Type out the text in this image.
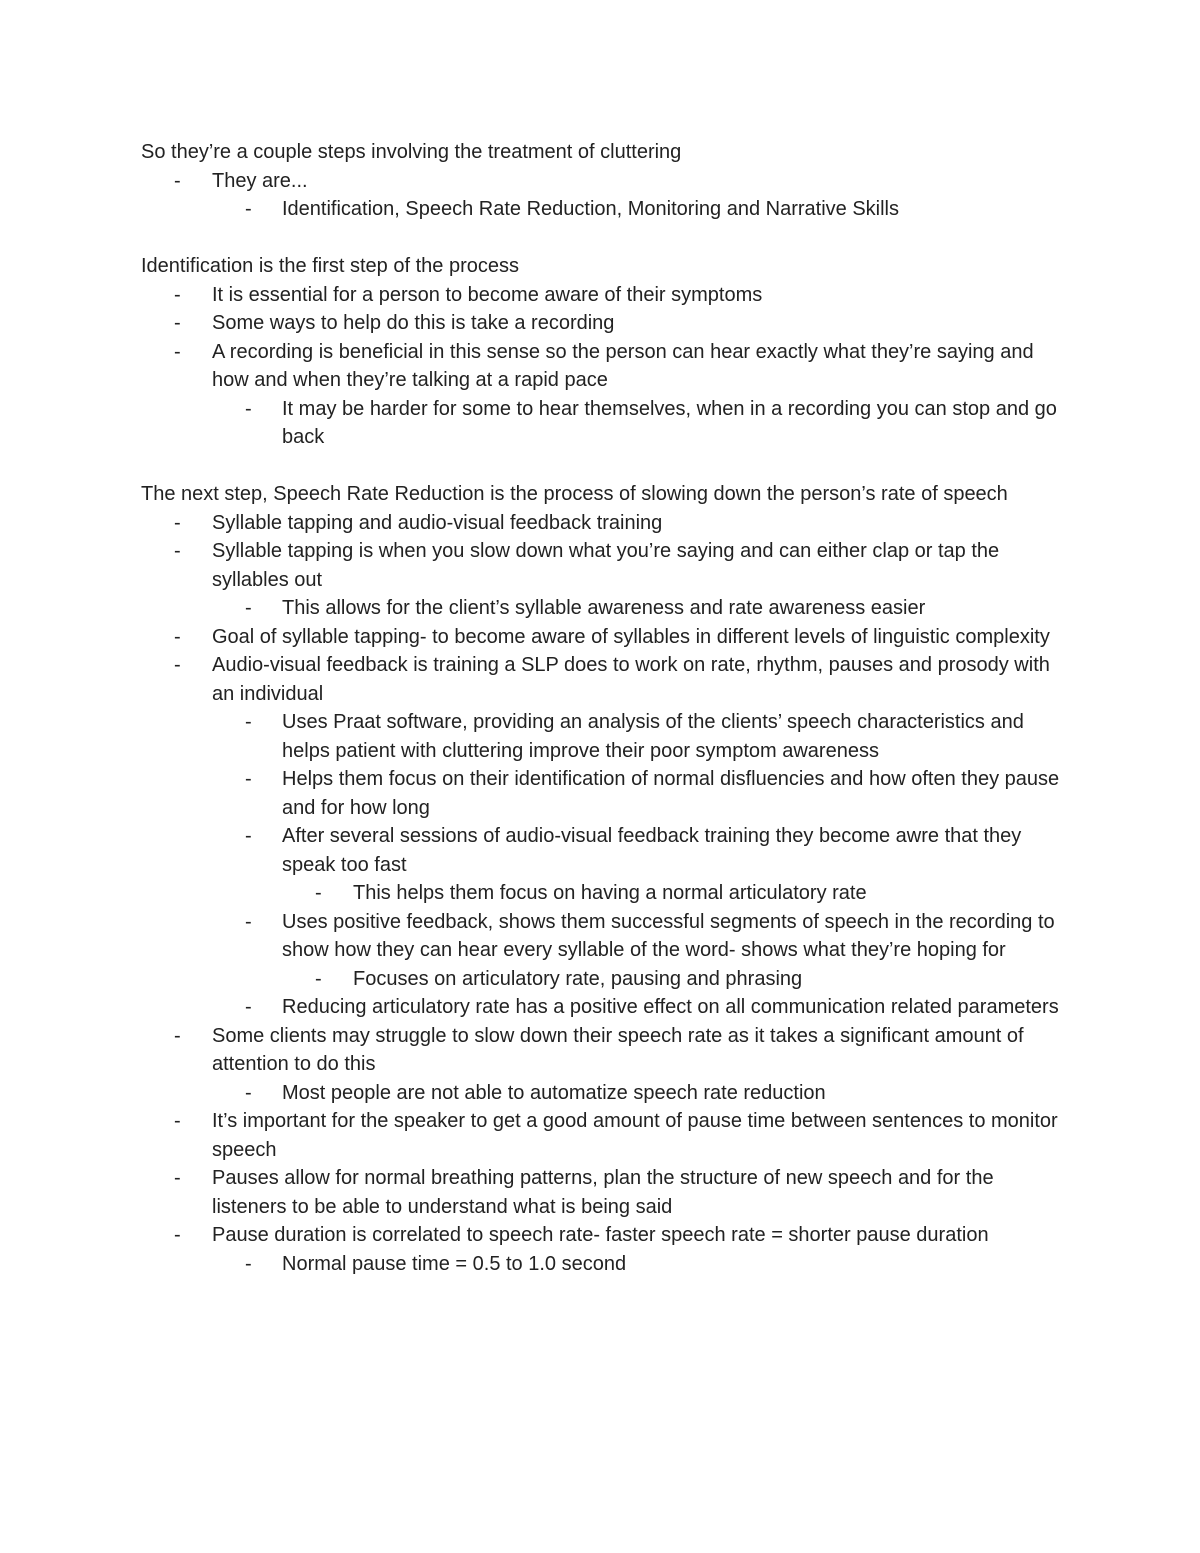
So they’re a couple steps involving the treatment of cluttering

- They are...
- Identification, Speech Rate Reduction, Monitoring and Narrative Skills

Identification is the first step of the process

- It is essential for a person to become aware of their symptoms
- Some ways to help do this is take a recording
- A recording is beneficial in this sense so the person can hear exactly what they’re saying and how and when they’re talking at a rapid pace
- It may be harder for some to hear themselves, when in a recording you can stop and go back

The next step, Speech Rate Reduction is the process of slowing down the person’s rate of speech

- Syllable tapping and audio-visual feedback training
- Syllable tapping is when you slow down what you’re saying and can either clap or tap the syllables out
- This allows for the client’s syllable awareness and rate awareness easier
- Goal of syllable tapping- to become aware of syllables in different levels of linguistic complexity
- Audio-visual feedback is training a SLP does to work on rate, rhythm, pauses and prosody with an individual
- Uses Praat software, providing an analysis of the clients’ speech characteristics and helps patient with cluttering improve their poor symptom awareness
- Helps them focus on their identification of normal disfluencies and how often they pause and for how long
- After several sessions of audio-visual feedback training they become awre that they speak too fast
- This helps them focus on having a normal articulatory rate
- Uses positive feedback, shows them successful segments of speech in the recording to show how they can hear every syllable of the word- shows what they’re hoping for
- Focuses on articulatory rate, pausing and phrasing
- Reducing articulatory rate has a positive effect on all communication related parameters
- Some clients may struggle to slow down their speech rate as it takes a significant amount of attention to do this
- Most people are not able to automatize speech rate reduction
- It’s important for the speaker to get a good amount of pause time between sentences to monitor speech
- Pauses allow for normal breathing patterns, plan the structure of new speech and for the listeners to be able to understand what is being said
- Pause duration is correlated to speech rate- faster speech rate = shorter pause duration
- Normal pause time = 0.5 to 1.0 second
